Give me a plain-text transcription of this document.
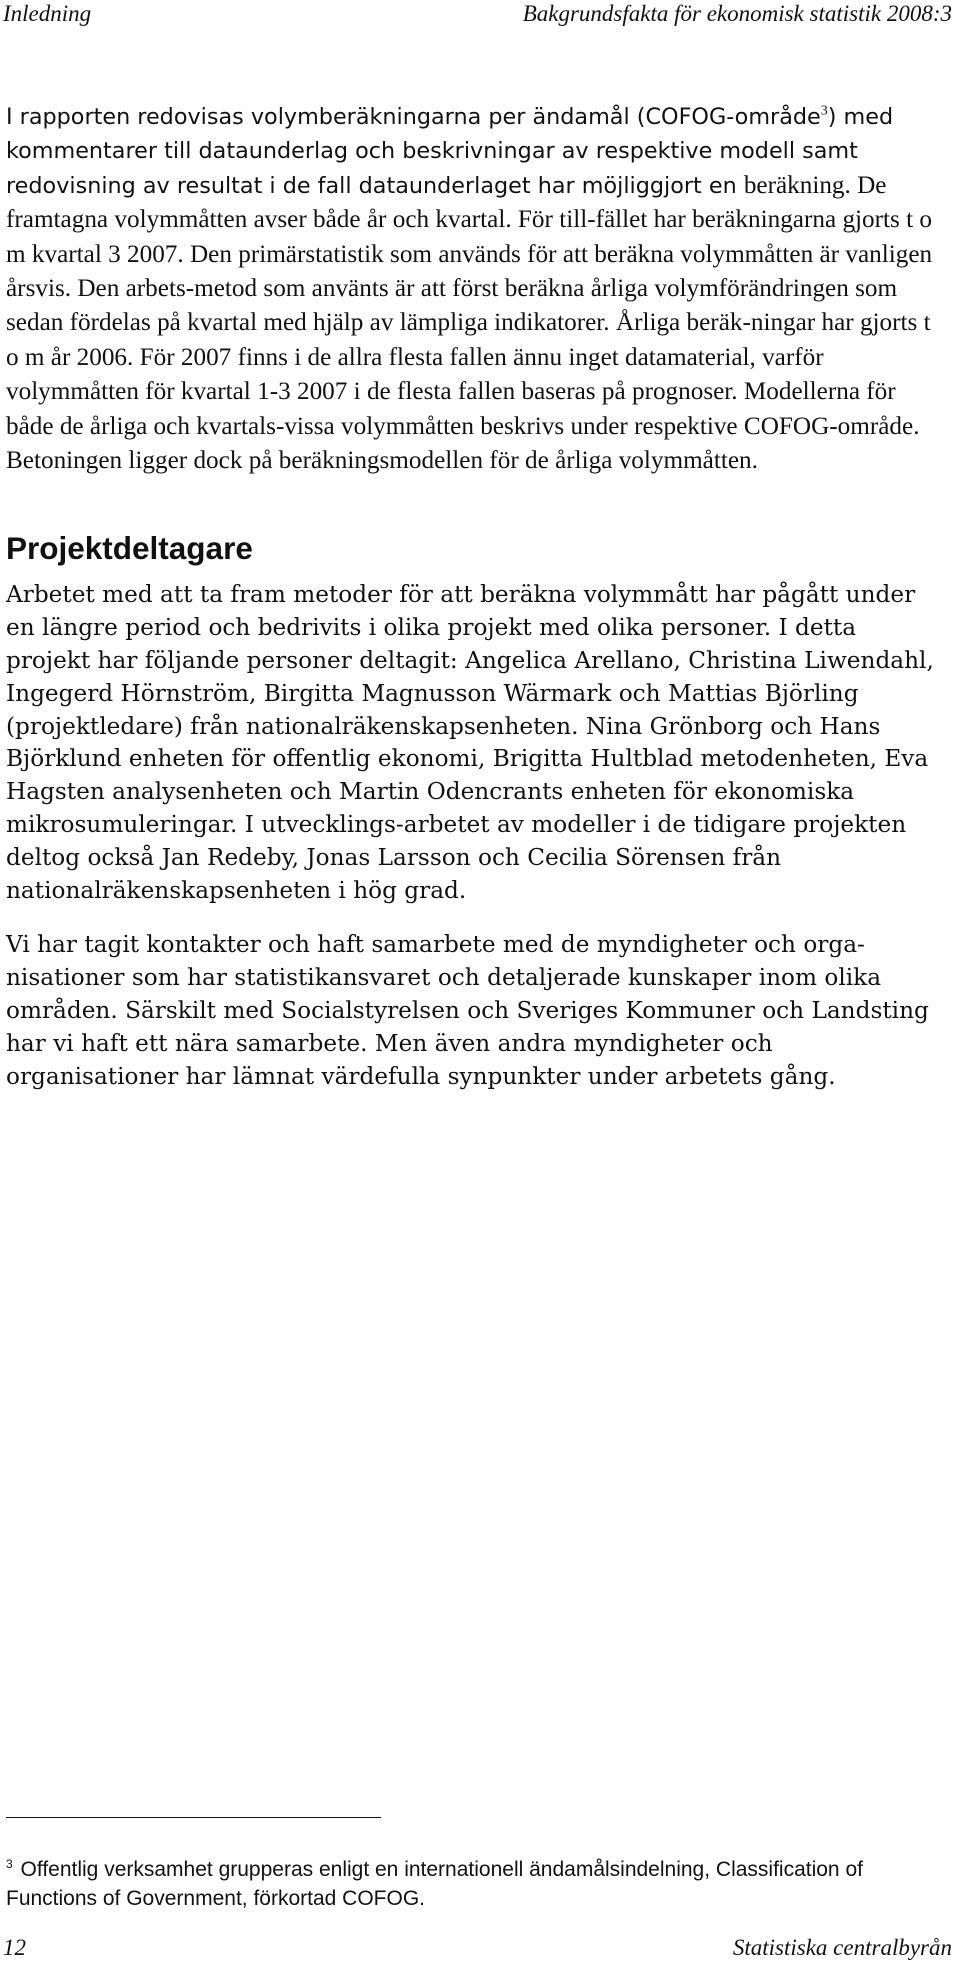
Inledning	Bakgrundsfakta för ekonomisk statistik 2008:3

I rapporten redovisas volymberäkningarna per ändamål (COFOG-område$^3$) med kommentarer till dataunderlag och beskrivningar av respektive modell samt redovisning av resultat i de fall dataunderlaget har möjliggjort en beräkning. De framtagna volymmåtten avser både år och kvartal. För till-fället har beräkningarna gjorts t o m kvartal 3 2007. Den primärstatistik som används för att beräkna volymmåtten är vanligen årsvis. Den arbets-metod som använts är att först beräkna årliga volymförändringen som sedan fördelas på kvartal med hjälp av lämpliga indikatorer. Årliga beräk-ningar har gjorts t o m år 2006. För 2007 finns i de allra flesta fallen ännu inget datamaterial, varför volymmåtten för kvartal 1-3 2007 i de flesta fallen baseras på prognoser. Modellerna för både de årliga och kvartals-vissa volymmåtten beskrivs under respektive COFOG-område. Betoningen ligger dock på beräkningsmodellen för de årliga volymmåtten.

Projektdeltagare

Arbetet med att ta fram metoder för att beräkna volymmått har pågått under en längre period och bedrivits i olika projekt med olika personer. I detta projekt har följande personer deltagit: Angelica Arellano, Christina Liwendahl, Ingegerd Hörnström, Birgitta Magnusson Wärmark och Mattias Björling (projektledare) från nationalräkenskapsenheten. Nina Grönborg och Hans Björklund enheten för offentlig ekonomi, Brigitta Hultblad metodenheten, Eva Hagsten analysenheten och Martin Odencrants enheten för ekonomiska mikrosumuleringar. I utvecklings-arbetet av modeller i de tidigare projekten deltog också Jan Redeby, Jonas Larsson och Cecilia Sörensen från nationalräkenskapsenheten i hög grad.

Vi har tagit kontakter och haft samarbete med de myndigheter och orga-nisationer som har statistikansvaret och detaljerade kunskaper inom olika områden. Särskilt med Socialstyrelsen och Sveriges Kommuner och Landsting har vi haft ett nära samarbete. Men även andra myndigheter och organisationer har lämnat värdefulla synpunkter under arbetets gång.

$^3$ Offentlig verksamhet grupperas enligt en internationell ändamålsindelning, Classification of Functions of Government, förkortad COFOG.
12	Statistiska centralbyrån
